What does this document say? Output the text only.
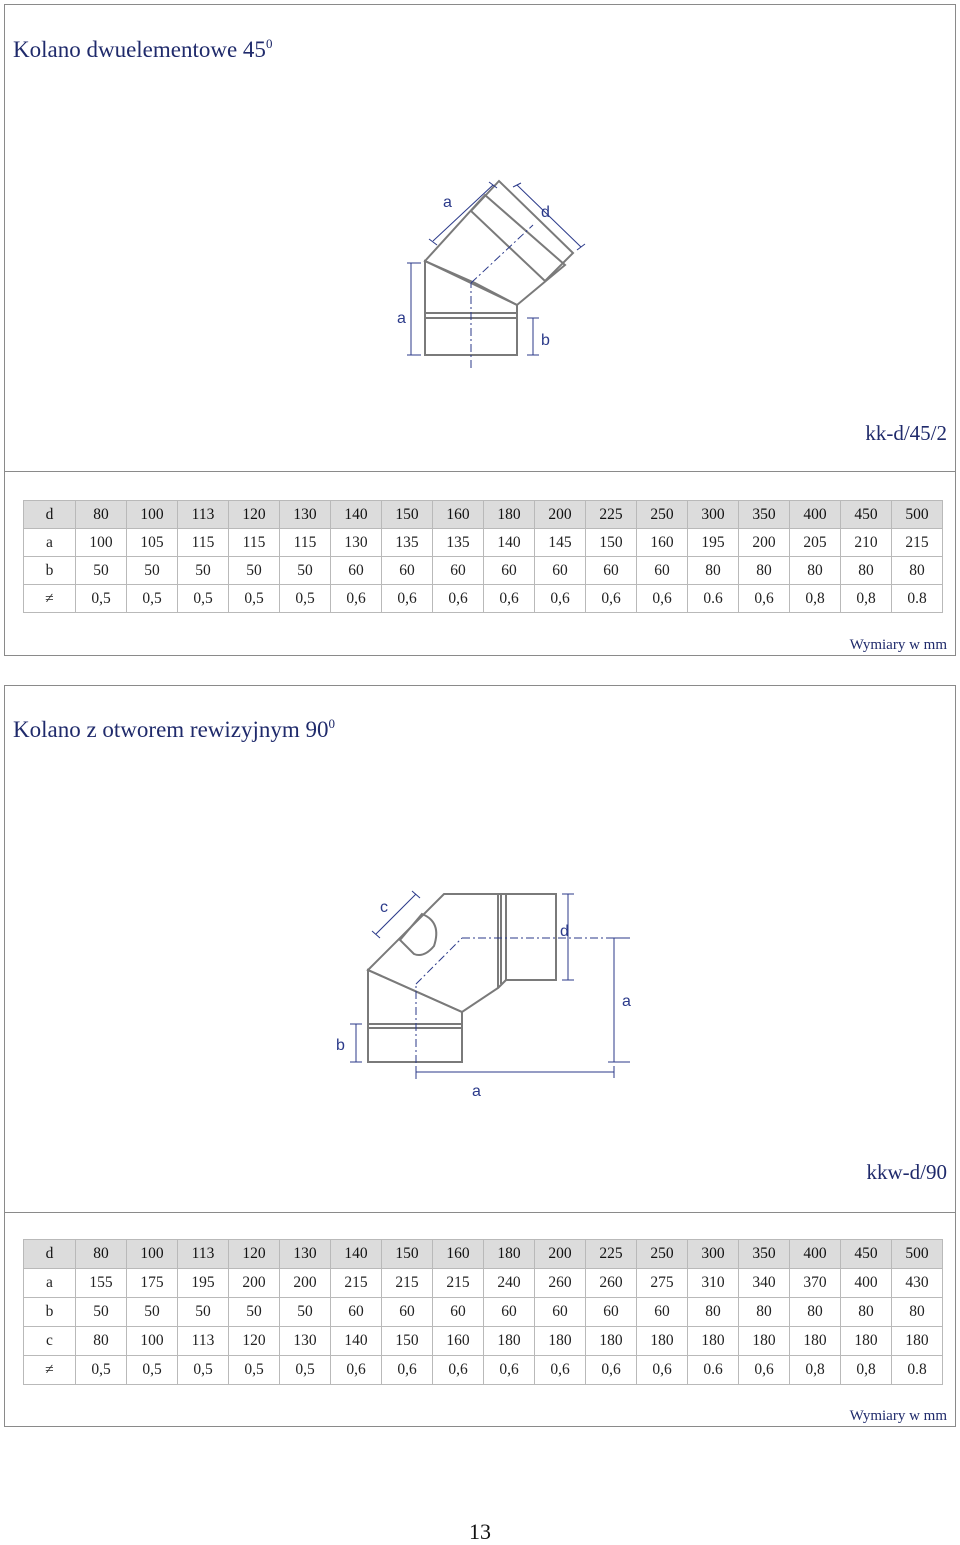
Kolano dwuelementowe $45^0$
a
d
a
b
kk-d/45/2
d	80	100	113	120	130	140	150	160	180	200	225	250	300	350	400	450	500
a	100	105	115	115	115	130	135	135	140	145	150	160	195	200	205	210	215
b	50	50	50	50	50	60	60	60	60	60	60	60	80	80	80	80	80
≠	0,5	0,5	0,5	0,5	0,5	0,6	0,6	0,6	0,6	0,6	0,6	0,6	0.6	0,6	0,8	0,8	0.8
Wymiary w mm
Kolano z otworem rewizyjnym $90^0$
c
d
a
b
a
kkw-d/90
d	80	100	113	120	130	140	150	160	180	200	225	250	300	350	400	450	500
a	155	175	195	200	200	215	215	215	240	260	260	275	310	340	370	400	430
b	50	50	50	50	50	60	60	60	60	60	60	60	80	80	80	80	80
c	80	100	113	120	130	140	150	160	180	180	180	180	180	180	180	180	180
≠	0,5	0,5	0,5	0,5	0,5	0,6	0,6	0,6	0,6	0,6	0,6	0,6	0.6	0,6	0,8	0,8	0.8
Wymiary w mm
13
